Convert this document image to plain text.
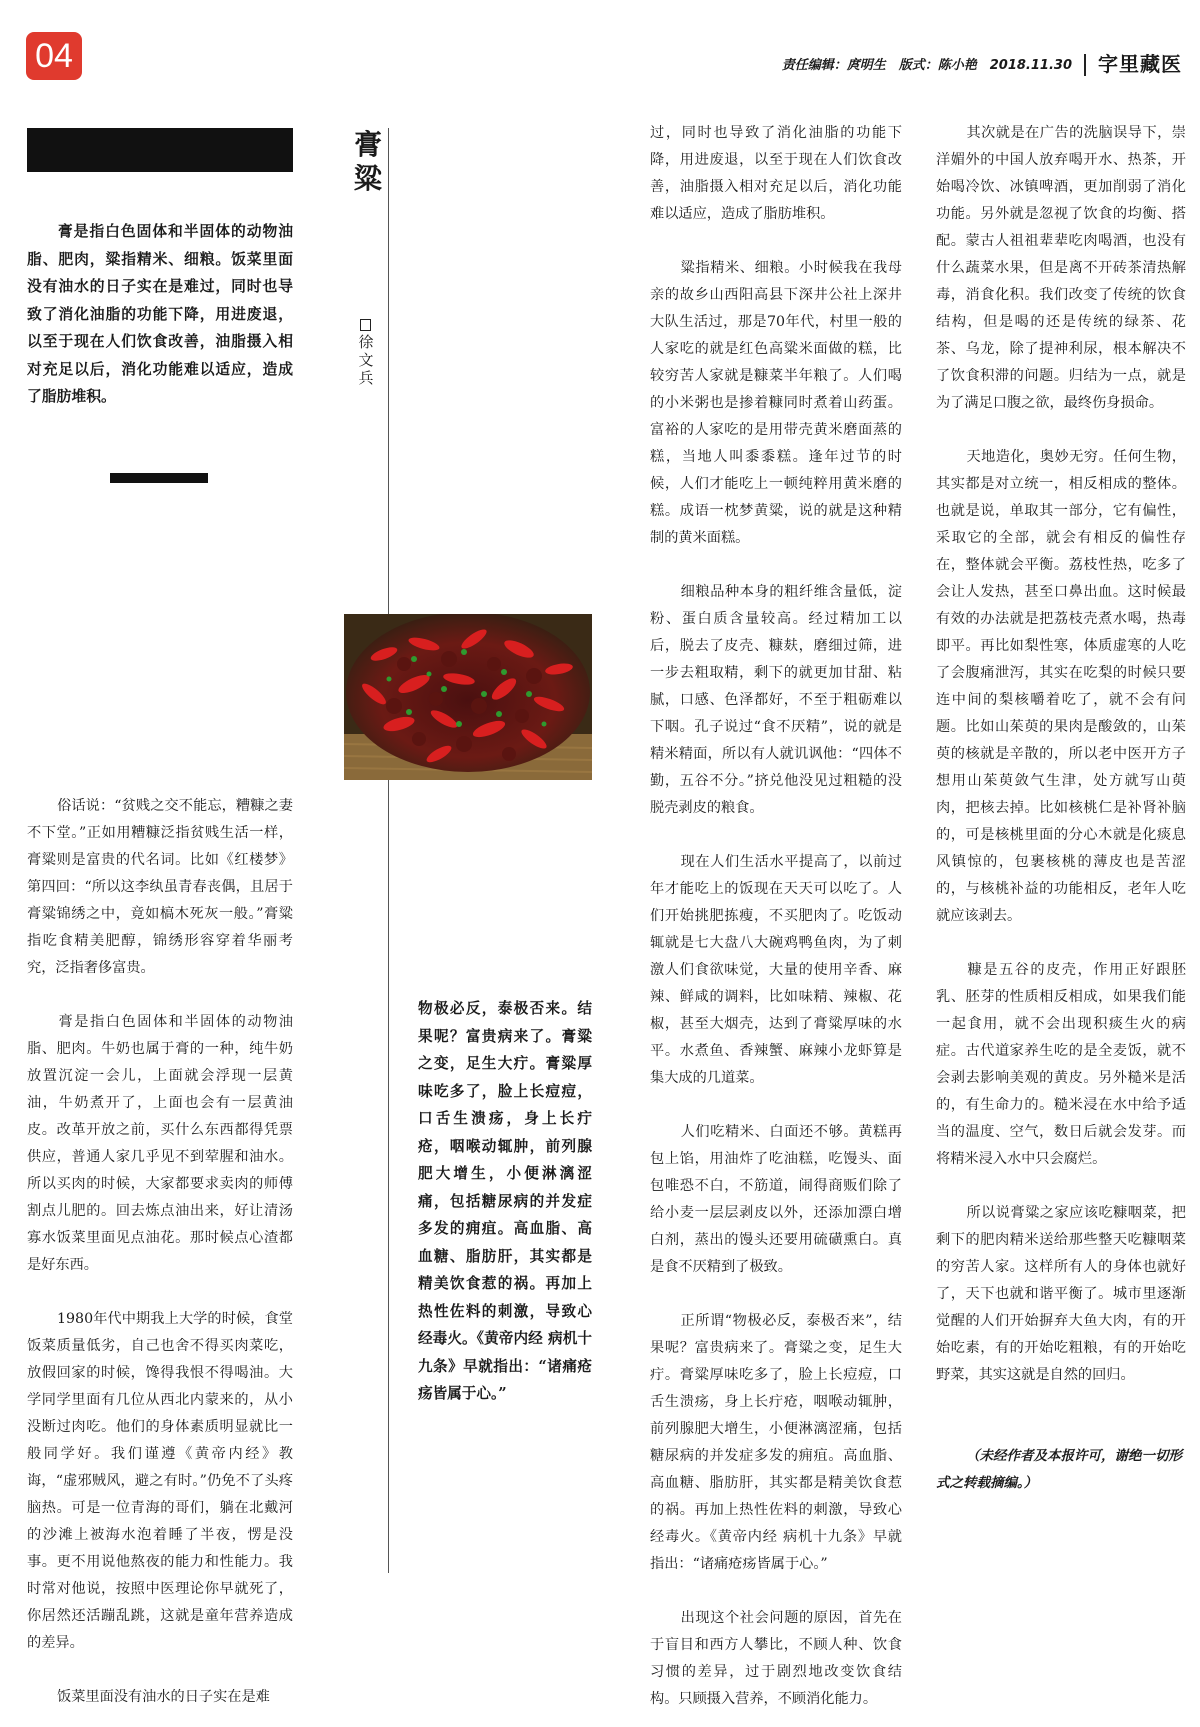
04	责任编辑：庹明生　版式：陈小艳　2018.11.30 字里藏医
膏粱
徐文兵
膏是指白色固体和半固体的动物油脂、肥肉，粱指精米、细粮。饭菜里面没有油水的日子实在是难过，同时也导致了消化油脂的功能下降，用进废退，以至于现在人们饮食改善，油脂摄入相对充足以后，消化功能难以适应，造成了脂肪堆积。
物极必反，泰极否来。结果呢？富贵病来了。膏粱之变，足生大疔。膏粱厚味吃多了，脸上长痘痘，口舌生溃疡，身上长疔疮，咽喉动辄肿，前列腺肥大增生，小便淋漓涩痛，包括糖尿病的并发症多发的痈疽。高血脂、高血糖、脂肪肝，其实都是精美饮食惹的祸。再加上热性佐料的刺激，导致心经毒火。《黄帝内经 病机十九条》早就指出：“诸痛疮疡皆属于心。”

俗话说：“贫贱之交不能忘，糟糠之妻不下堂。”正如用糟糠泛指贫贱生活一样，膏粱则是富贵的代名词。比如《红楼梦》第四回：“所以这李纨虽青春丧偶，且居于膏粱锦绣之中，竟如槁木死灰一般。”膏粱指吃食精美肥醇，锦绣形容穿着华丽考究，泛指奢侈富贵。

膏是指白色固体和半固体的动物油脂、肥肉。牛奶也属于膏的一种，纯牛奶放置沉淀一会儿，上面就会浮现一层黄油，牛奶煮开了，上面也会有一层黄油皮。改革开放之前，买什么东西都得凭票供应，普通人家几乎见不到荤腥和油水。所以买肉的时候，大家都要求卖肉的师傅割点儿肥的。回去炼点油出来，好让清汤寡水饭菜里面见点油花。那时候点心渣都是好东西。

1980年代中期我上大学的时候，食堂饭菜质量低劣，自己也舍不得买肉菜吃，放假回家的时候，馋得我恨不得喝油。大学同学里面有几位从西北内蒙来的，从小没断过肉吃。他们的身体素质明显就比一般同学好。我们谨遵《黄帝内经》教诲，“虚邪贼风，避之有时。”仍免不了头疼脑热。可是一位青海的哥们，躺在北戴河的沙滩上被海水泡着睡了半夜，愣是没事。更不用说他熬夜的能力和性能力。我时常对他说，按照中医理论你早就死了，你居然还活蹦乱跳，这就是童年营养造成的差异。

饭菜里面没有油水的日子实在是难

过，同时也导致了消化油脂的功能下降，用进废退，以至于现在人们饮食改善，油脂摄入相对充足以后，消化功能难以适应，造成了脂肪堆积。

粱指精米、细粮。小时候我在我母亲的故乡山西阳高县下深井公社上深井大队生活过，那是70年代，村里一般的人家吃的就是红色高粱米面做的糕，比较穷苦人家就是糠菜半年粮了。人们喝的小米粥也是掺着糠同时煮着山药蛋。富裕的人家吃的是用带壳黄米磨面蒸的糕，当地人叫黍黍糕。逢年过节的时候，人们才能吃上一顿纯粹用黄米磨的糕。成语一枕梦黄粱，说的就是这种精制的黄米面糕。

细粮品种本身的粗纤维含量低，淀粉、蛋白质含量较高。经过精加工以后，脱去了皮壳、糠麸，磨细过筛，进一步去粗取精，剩下的就更加甘甜、粘腻，口感、色泽都好，不至于粗砺难以下咽。孔子说过“食不厌精”，说的就是精米精面，所以有人就讥讽他：“四体不勤，五谷不分。”挤兑他没见过粗糙的没脱壳剥皮的粮食。

现在人们生活水平提高了，以前过年才能吃上的饭现在天天可以吃了。人们开始挑肥拣瘦，不买肥肉了。吃饭动辄就是七大盘八大碗鸡鸭鱼肉，为了刺激人们食欲味觉，大量的使用辛香、麻辣、鲜咸的调料，比如味精、辣椒、花椒，甚至大烟壳，达到了膏粱厚味的水平。水煮鱼、香辣蟹、麻辣小龙虾算是集大成的几道菜。

人们吃精米、白面还不够。黄糕再包上馅，用油炸了吃油糕，吃馒头、面包唯恐不白，不筋道，闹得商贩们除了给小麦一层层剥皮以外，还添加漂白增白剂，蒸出的馒头还要用硫磺熏白。真是食不厌精到了极致。

正所谓“物极必反，泰极否来”，结果呢？富贵病来了。膏粱之变，足生大疔。膏粱厚味吃多了，脸上长痘痘，口舌生溃疡，身上长疔疮，咽喉动辄肿，前列腺肥大增生，小便淋漓涩痛，包括糖尿病的并发症多发的痈疽。高血脂、高血糖、脂肪肝，其实都是精美饮食惹的祸。再加上热性佐料的刺激，导致心经毒火。《黄帝内经 病机十九条》早就指出：“诸痛疮疡皆属于心。”

出现这个社会问题的原因，首先在于盲目和西方人攀比，不顾人种、饮食习惯的差异，过于剧烈地改变饮食结构。只顾摄入营养，不顾消化能力。

其次就是在广告的洗脑误导下，崇洋媚外的中国人放弃喝开水、热茶，开始喝冷饮、冰镇啤酒，更加削弱了消化功能。另外就是忽视了饮食的均衡、搭配。蒙古人祖祖辈辈吃肉喝酒，也没有什么蔬菜水果，但是离不开砖茶清热解毒，消食化积。我们改变了传统的饮食结构，但是喝的还是传统的绿茶、花茶、乌龙，除了提神利尿，根本解决不了饮食积滞的问题。归结为一点，就是为了满足口腹之欲，最终伤身损命。

天地造化，奥妙无穷。任何生物，其实都是对立统一，相反相成的整体。也就是说，单取其一部分，它有偏性，采取它的全部，就会有相反的偏性存在，整体就会平衡。荔枝性热，吃多了会让人发热，甚至口鼻出血。这时候最有效的办法就是把荔枝壳煮水喝，热毒即平。再比如梨性寒，体质虚寒的人吃了会腹痛泄泻，其实在吃梨的时候只要连中间的梨核嚼着吃了，就不会有问题。比如山茱萸的果肉是酸敛的，山茱萸的核就是辛散的，所以老中医开方子想用山茱萸敛气生津，处方就写山萸肉，把核去掉。比如核桃仁是补肾补脑的，可是核桃里面的分心木就是化痰息风镇惊的，包裹核桃的薄皮也是苦涩的，与核桃补益的功能相反，老年人吃就应该剥去。

糠是五谷的皮壳，作用正好跟胚乳、胚芽的性质相反相成，如果我们能一起食用，就不会出现积痰生火的病症。古代道家养生吃的是全麦饭，就不会剥去影响美观的黄皮。另外糙米是活的，有生命力的。糙米浸在水中给予适当的温度、空气，数日后就会发芽。而将精米浸入水中只会腐烂。

所以说膏粱之家应该吃糠咽菜，把剩下的肥肉精米送给那些整天吃糠咽菜的穷苦人家。这样所有人的身体也就好了，天下也就和谐平衡了。城市里逐渐觉醒的人们开始摒弃大鱼大肉，有的开始吃素，有的开始吃粗粮，有的开始吃野菜，其实这就是自然的回归。

（未经作者及本报许可，谢绝一切形式之转载摘编。）
